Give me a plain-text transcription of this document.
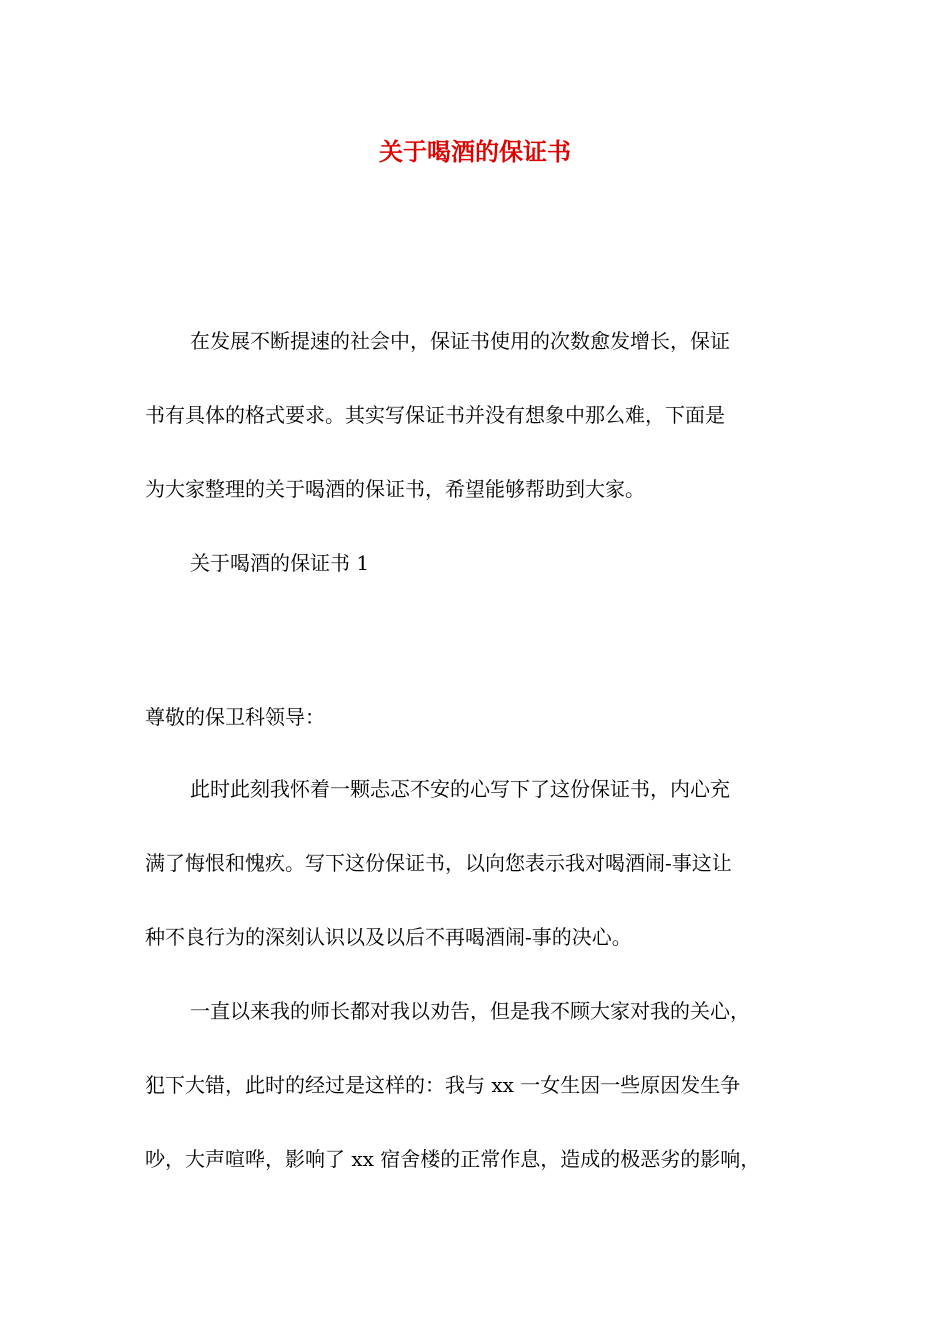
关于喝酒的保证书
在发展不断提速的社会中，保证书使用的次数愈发增长，保证
书有具体的格式要求。其实写保证书并没有想象中那么难，下面是
为大家整理的关于喝酒的保证书，希望能够帮助到大家。
关于喝酒的保证书 1
尊敬的保卫科领导：
此时此刻我怀着一颗忐忑不安的心写下了这份保证书，内心充
满了悔恨和愧疚。写下这份保证书，以向您表示我对喝酒闹-事这让
种不良行为的深刻认识以及以后不再喝酒闹-事的决心。
一直以来我的师长都对我以劝告，但是我不顾大家对我的关心，
犯下大错，此时的经过是这样的：我与 xx 一女生因一些原因发生争
吵，大声喧哗，影响了 xx 宿舍楼的正常作息，造成的极恶劣的影响，
